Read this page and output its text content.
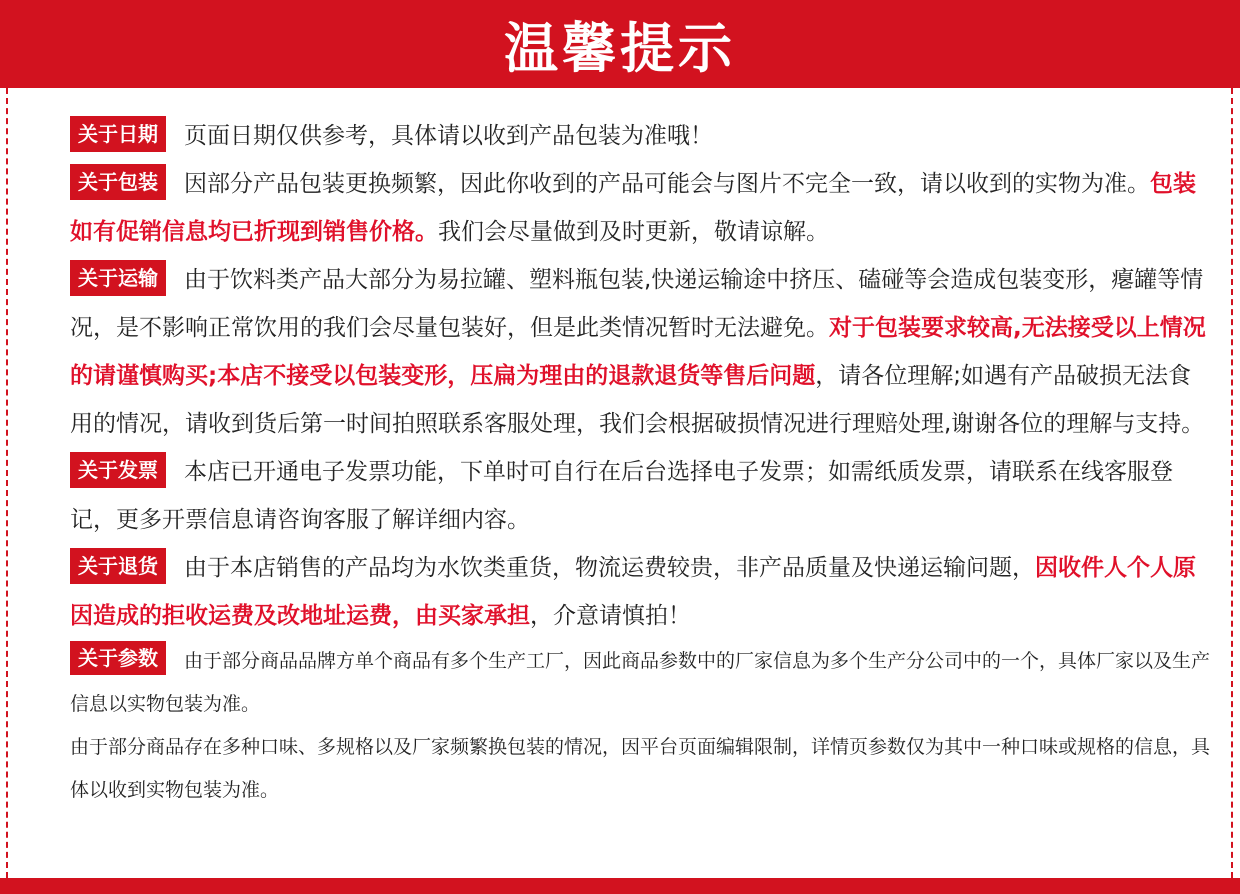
温馨提示

关于日期 页面日期仅供参考，具体请以收到产品包装为准哦！

关于包装 因部分产品包装更换频繁，因此你收到的产品可能会与图片不完全一致，请以收到的实物为准。包装如有促销信息均已折现到销售价格。我们会尽量做到及时更新，敬请谅解。

关于运输 由于饮料类产品大部分为易拉罐、塑料瓶包装,快递运输途中挤压、磕碰等会造成包装变形，瘪罐等情况，是不影响正常饮用的我们会尽量包装好，但是此类情况暂时无法避免。对于包装要求较高,无法接受以上情况的请谨慎购买;本店不接受以包装变形，压扁为理由的退款退货等售后问题，请各位理解;如遇有产品破损无法食用的情况，请收到货后第一时间拍照联系客服处理，我们会根据破损情况进行理赔处理,谢谢各位的理解与支持。

关于发票 本店已开通电子发票功能，下单时可自行在后台选择电子发票；如需纸质发票，请联系在线客服登记，更多开票信息请咨询客服了解详细内容。

关于退货 由于本店销售的产品均为水饮类重货，物流运费较贵，非产品质量及快递运输问题，因收件人个人原因造成的拒收运费及改地址运费，由买家承担，介意请慎拍！

关于参数 由于部分商品品牌方单个商品有多个生产工厂，因此商品参数中的厂家信息为多个生产分公司中的一个，具体厂家以及生产信息以实物包装为准。

由于部分商品存在多种口味、多规格以及厂家频繁换包装的情况，因平台页面编辑限制，详情页参数仅为其中一种口味或规格的信息，具体以收到实物包装为准。
